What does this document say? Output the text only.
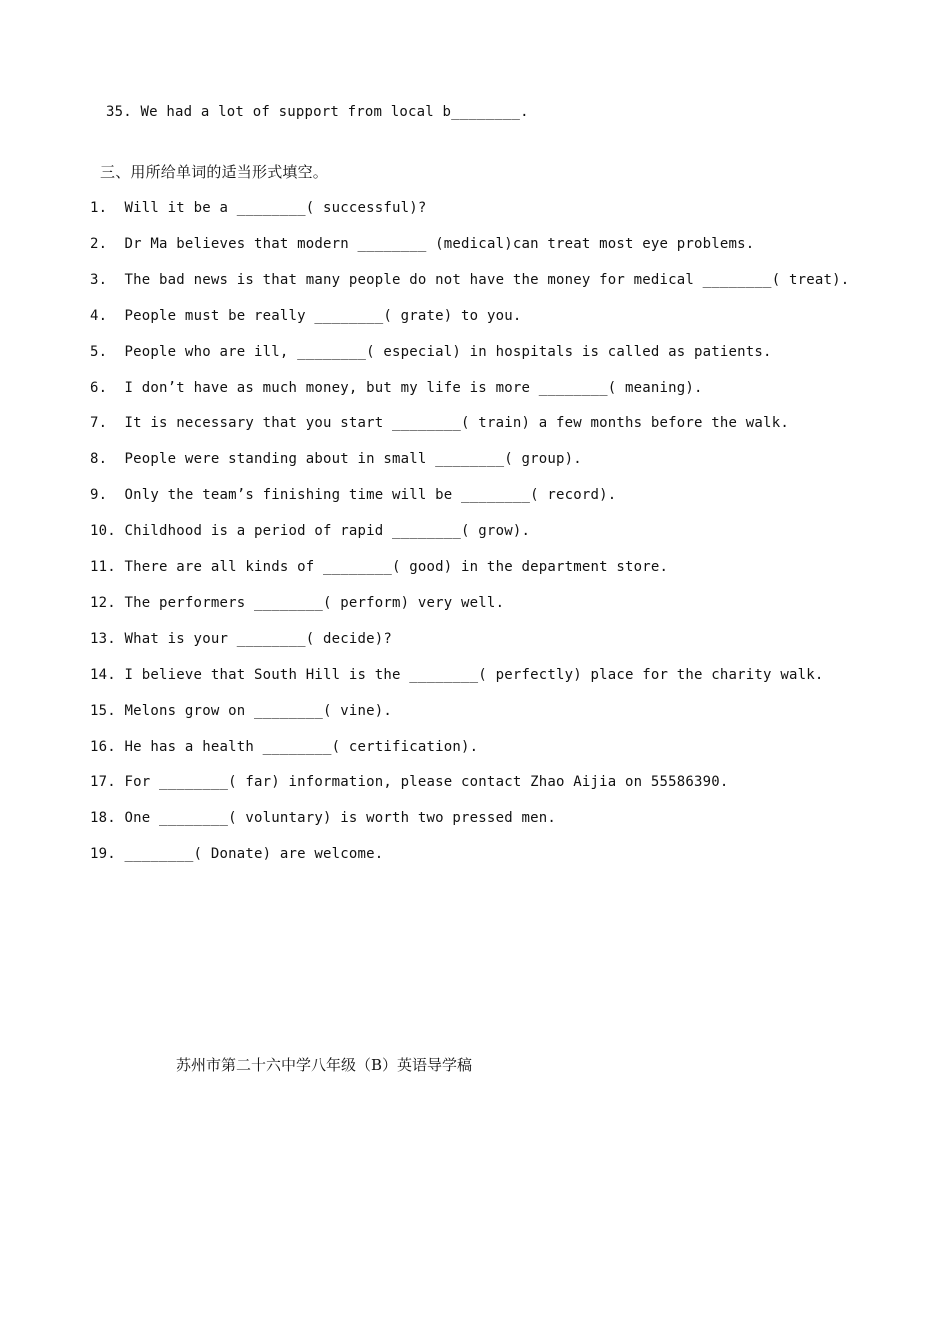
35. We had a lot of support from local b________.
三、用所给单词的适当形式填空。
1.  Will it be a ________( successful)?
2.  Dr Ma believes that modern ________ (medical)can treat most eye problems.
3.  The bad news is that many people do not have the money for medical ________( treat).
4.  People must be really ________( grate) to you.
5.  People who are ill, ________( especial) in hospitals is called as patients.
6.  I don’t have as much money, but my life is more ________( meaning).
7.  It is necessary that you start ________( train) a few months before the walk.
8.  People were standing about in small ________( group).
9.  Only the team’s finishing time will be ________( record).
10. Childhood is a period of rapid ________( grow).
11. There are all kinds of ________( good) in the department store.
12. The performers ________( perform) very well.
13. What is your ________( decide)?
14. I believe that South Hill is the ________( perfectly) place for the charity walk.
15. Melons grow on ________( vine).
16. He has a health ________( certification).
17. For ________( far) information, please contact Zhao Aijia on 55586390.
18. One ________( voluntary) is worth two pressed men.
19. ________( Donate) are welcome.
苏州市第二十六中学八年级（B）英语导学稿
